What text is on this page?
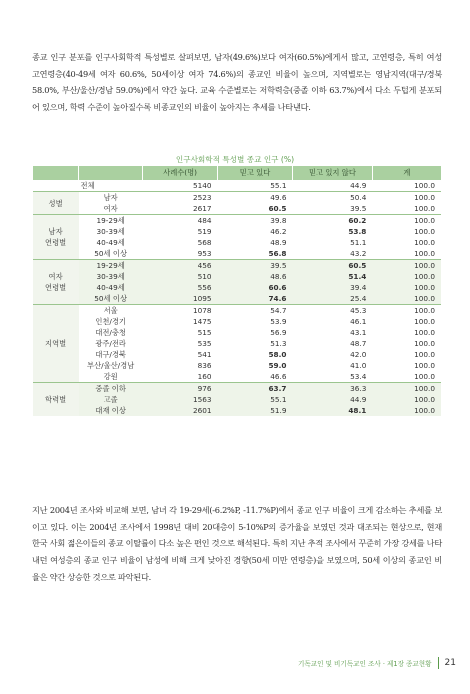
종교 인구 분포를 인구사회학적 특성별로 살펴보면, 남자(49.6%)보다 여자(60.5%)에게서 많고, 고연령층, 특히 여성 고연령층(40-49세 여자 60.6%, 50세이상 여자 74.6%)의 종교인 비율이 높으며, 지역별로는 영남지역(대구/경북 58.0%, 부산/울산/경남 59.0%)에서 약간 높다. 교육 수준별로는 저학력층(중졸 이하 63.7%)에서 다소 두텁게 분포되어 있으며, 학력 수준이 높아질수록 비종교인의 비율이 높아지는 추세를 나타낸다.

인구사회학적 특성별 종교 인구 (%)
		사례수(명)	믿고 있다	믿고 있지 않다	계
전체		5140	55.1	44.9	100.0
성별	남자	2523	49.6	50.4	100.0
	여자	2617	60.5	39.5	100.0
남자
연령별	19-29세	484	39.8	60.2	100.0
	30-39세	519	46.2	53.8	100.0
	40-49세	568	48.9	51.1	100.0
	50세 이상	953	56.8	43.2	100.0
여자
연령별	19-29세	456	39.5	60.5	100.0
	30-39세	510	48.6	51.4	100.0
	40-49세	556	60.6	39.4	100.0
	50세 이상	1095	74.6	25.4	100.0
지역별	서울	1078	54.7	45.3	100.0
	인천/경기	1475	53.9	46.1	100.0
	대전/충청	515	56.9	43.1	100.0
	광주/전라	535	51.3	48.7	100.0
	대구/경북	541	58.0	42.0	100.0
	부산/울산/경남	836	59.0	41.0	100.0
	강원	160	46.6	53.4	100.0
학력별	중졸 이하	976	63.7	36.3	100.0
	고졸	1563	55.1	44.9	100.0
	대재 이상	2601	51.9	48.1	100.0

지난 2004년 조사와 비교해 보면, 남녀 각 19-29세(-6.2%P, -11.7%P)에서 종교 인구 비율이 크게 감소하는 추세를 보이고 있다. 이는 2004년 조사에서 1998년 대비 20대층이 5-10%P의 증가율을 보였던 것과 대조되는 현상으로, 현재 한국 사회 젊은이들의 종교 이탈률이 다소 높은 편인 것으로 해석된다. 특히 지난 추적 조사에서 꾸준히 가장 강세를 나타내던 여성층의 종교 인구 비율이 남성에 비해 크게 낮아진 경향(50세 미만 연령층)을 보였으며, 50세 이상의 종교인 비율은 약간 상승한 것으로 파악된다.

기독교인 및 비기독교인 조사 · 제1장 종교현황 21
